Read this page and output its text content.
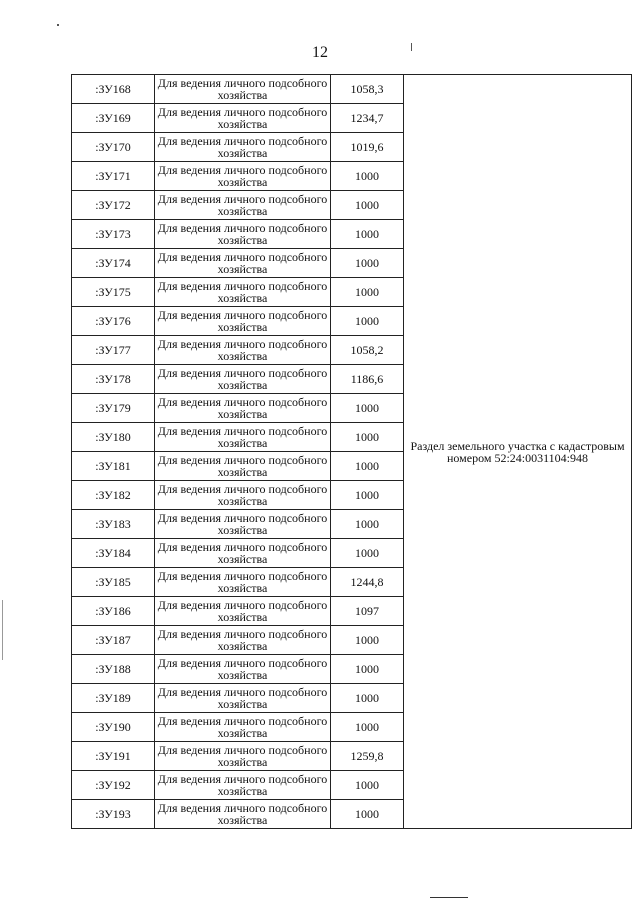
12
:ЗУ168	Для ведения личного подсобного хозяйства	1058,3	Раздел земельного участка с кадастровым номером 52:24:0031104:948
:ЗУ169	Для ведения личного подсобного хозяйства	1234,7	
:ЗУ170	Для ведения личного подсобного хозяйства	1019,6	
:ЗУ171	Для ведения личного подсобного хозяйства	1000	
:ЗУ172	Для ведения личного подсобного хозяйства	1000	
:ЗУ173	Для ведения личного подсобного хозяйства	1000	
:ЗУ174	Для ведения личного подсобного хозяйства	1000	
:ЗУ175	Для ведения личного подсобного хозяйства	1000	
:ЗУ176	Для ведения личного подсобного хозяйства	1000	
:ЗУ177	Для ведения личного подсобного хозяйства	1058,2	
:ЗУ178	Для ведения личного подсобного хозяйства	1186,6	
:ЗУ179	Для ведения личного подсобного хозяйства	1000	
:ЗУ180	Для ведения личного подсобного хозяйства	1000	
:ЗУ181	Для ведения личного подсобного хозяйства	1000	
:ЗУ182	Для ведения личного подсобного хозяйства	1000	
:ЗУ183	Для ведения личного подсобного хозяйства	1000	
:ЗУ184	Для ведения личного подсобного хозяйства	1000	
:ЗУ185	Для ведения личного подсобного хозяйства	1244,8	
:ЗУ186	Для ведения личного подсобного хозяйства	1097	
:ЗУ187	Для ведения личного подсобного хозяйства	1000	
:ЗУ188	Для ведения личного подсобного хозяйства	1000	
:ЗУ189	Для ведения личного подсобного хозяйства	1000	
:ЗУ190	Для ведения личного подсобного хозяйства	1000	
:ЗУ191	Для ведения личного подсобного хозяйства	1259,8	
:ЗУ192	Для ведения личного подсобного хозяйства	1000	
:ЗУ193	Для ведения личного подсобного хозяйства	1000	
